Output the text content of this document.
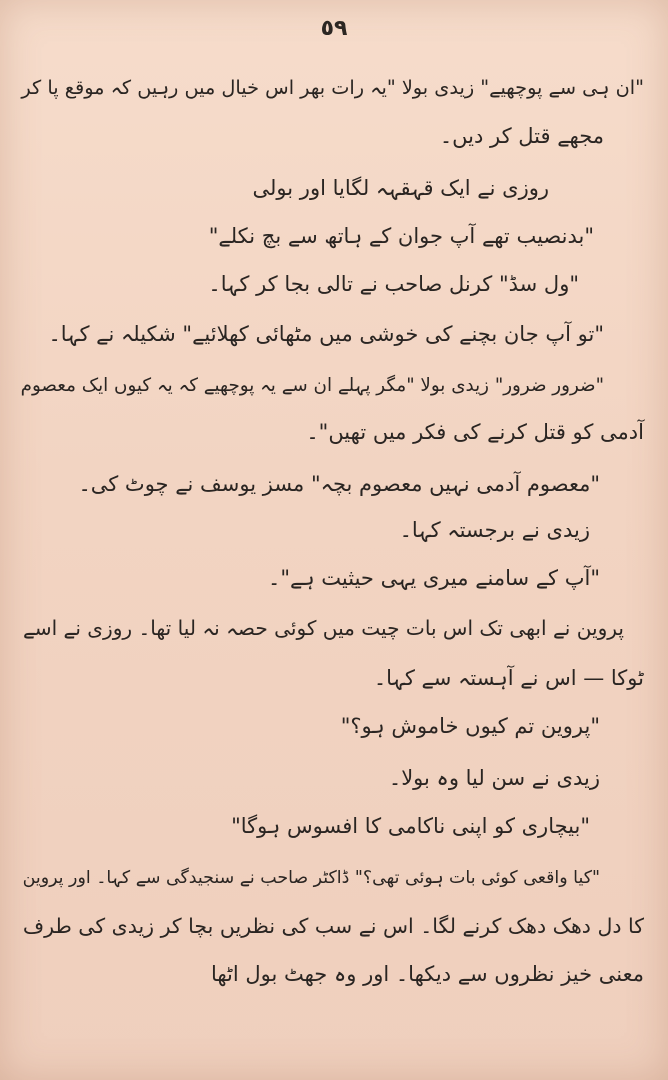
٥٩
"ان ہی سے پوچھیے" زیدی بولا "یہ رات بھر اس خیال میں رہیں کہ موقع پا کر
مجھے قتل کر دیں۔
روزی نے ایک قہقہہ لگایا اور بولی
"بدنصیب تھے آپ جوان کے ہاتھ سے بچ نکلے"
"ول سڈ" کرنل صاحب نے تالی بجا کر کہا۔
"تو آپ جان بچنے کی خوشی میں مٹھائی کھلائیے" شکیلہ نے کہا۔
"ضرور ضرور" زیدی بولا "مگر پہلے ان سے یہ پوچھیے کہ یہ کیوں ایک معصوم
آدمی کو قتل کرنے کی فکر میں تھیں"۔
"معصوم آدمی نہیں معصوم بچہ" مسز یوسف نے چوٹ کی۔
زیدی نے برجستہ کہا۔
"آپ کے سامنے میری یہی حیثیت ہے"۔
پروین نے ابھی تک اس بات چیت میں کوئی حصہ نہ لیا تھا۔ روزی نے اسے
ٹوکا — اس نے آہستہ سے کہا۔
"پروین تم کیوں خاموش ہو؟"
زیدی نے سن لیا وہ بولا۔
"بیچاری کو اپنی ناکامی کا افسوس ہوگا"
"کیا واقعی کوئی بات ہوئی تھی؟" ڈاکٹر صاحب نے سنجیدگی سے کہا۔ اور پروین
کا دل دھک دھک کرنے لگا۔ اس نے سب کی نظریں بچا کر زیدی کی طرف
معنی خیز نظروں سے دیکھا۔ اور وہ جھٹ بول اٹھا
